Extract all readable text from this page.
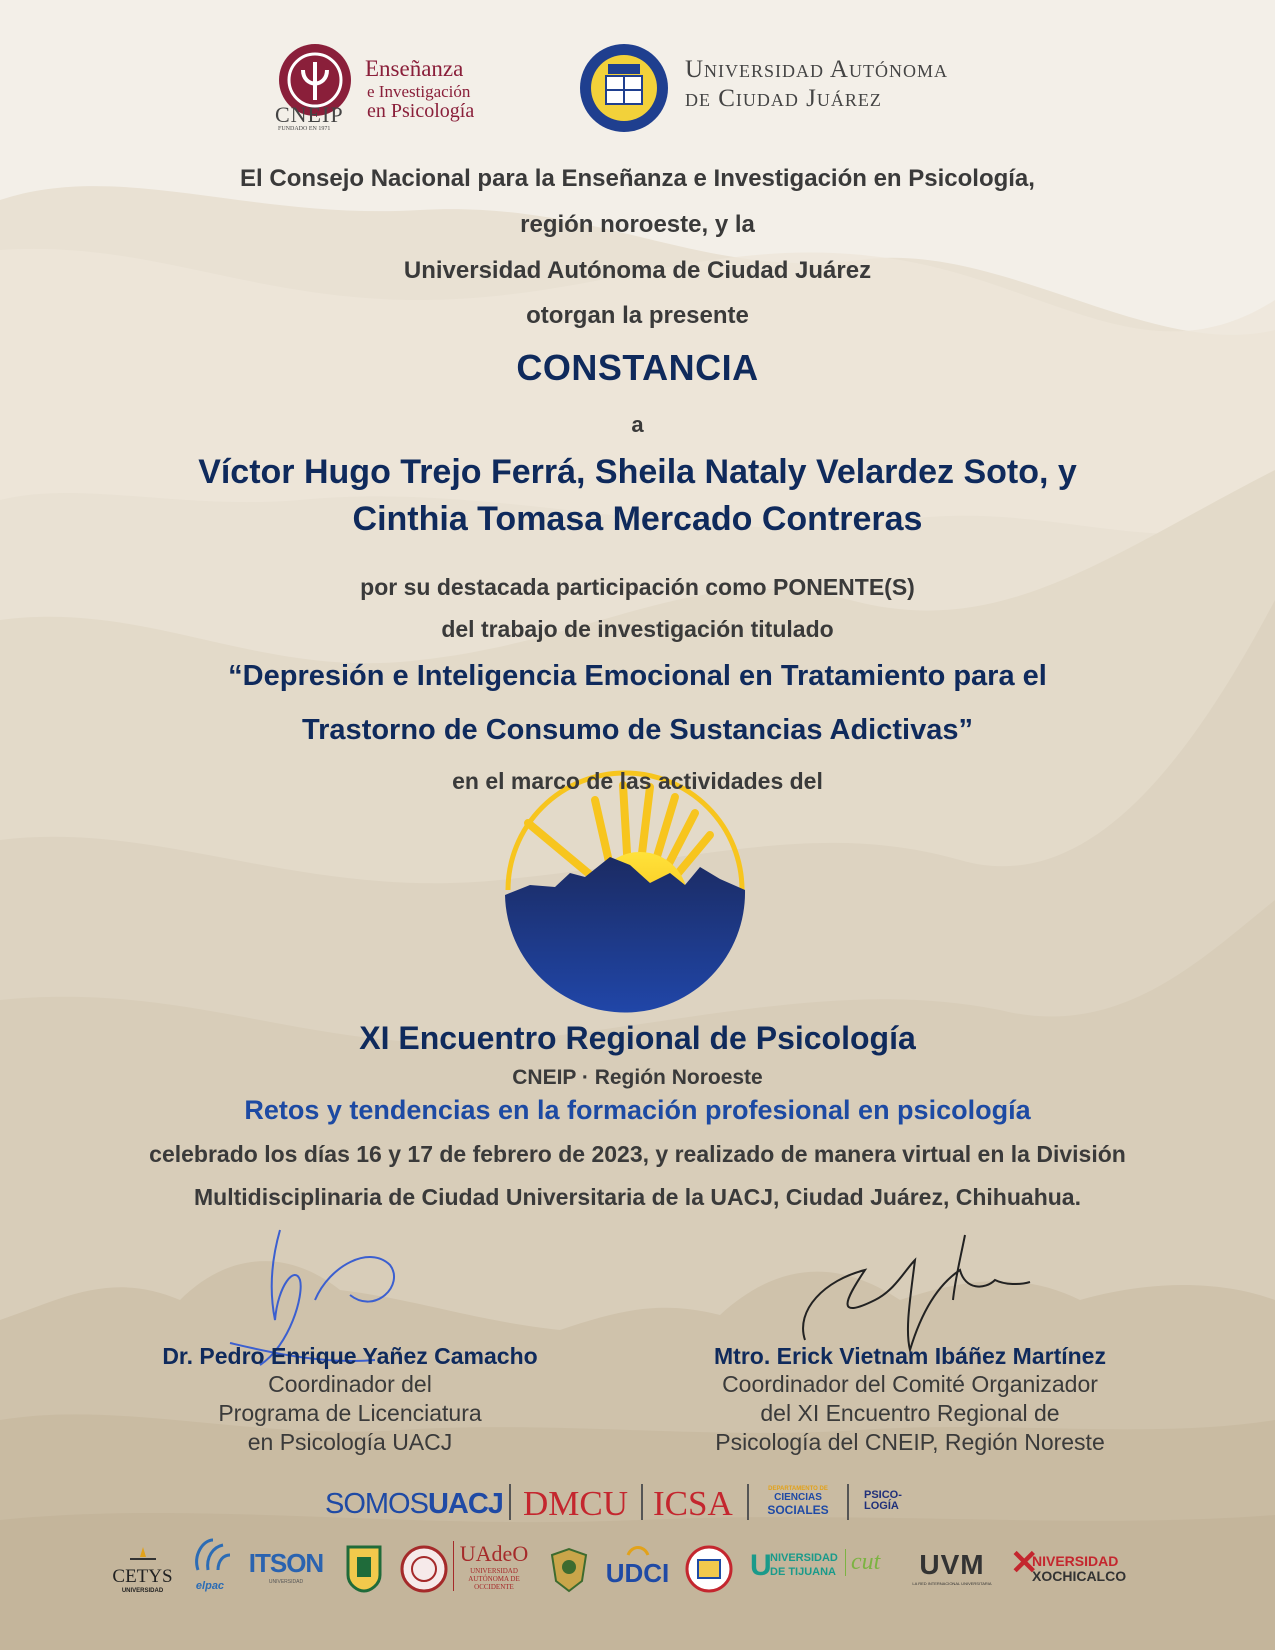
CNEIP
FUNDADO EN 1971
Enseñanza
e Investigación
en Psicología
Universidad Autónoma
de Ciudad Juárez
El Consejo Nacional para la Enseñanza e Investigación en Psicología,
región noroeste, y la
Universidad Autónoma de Ciudad Juárez
otorgan la presente
CONSTANCIA
a
Víctor Hugo Trejo Ferrá, Sheila Nataly Velardez Soto, y
Cinthia Tomasa Mercado Contreras
por su destacada participación como PONENTE(S)
del trabajo de investigación titulado
“Depresión e Inteligencia Emocional en Tratamiento para el
Trastorno de Consumo de Sustancias Adictivas”
en el marco de las actividades del
XI Encuentro Regional de Psicología
CNEIP · Región Noroeste
Retos y tendencias en la formación profesional en psicología
celebrado los días 16 y 17 de febrero de 2023, y realizado de manera virtual en la División
Multidisciplinaria de Ciudad Universitaria de la UACJ, Ciudad Juárez, Chihuahua.
Dr. Pedro Enrique Yañez Camacho
Coordinador del
Programa de Licenciatura
en Psicología UACJ
Mtro. Erick Vietnam Ibáñez Martínez
Coordinador del Comité Organizador
del XI Encuentro Regional de
Psicología del CNEIP, Región Noreste
SOMOSUACJ DMCU ICSA	DEPARTAMENTO DE
CIENCIAS
SOCIALES
PSICO-LOGÍA
CETYS
UNIVERSIDAD	elpac
ITSON
UNIVERSIDAD
UAdeO
UNIVERSIDAD
AUTÓNOMA DE
OCCIDENTE	UDCI	U
NIVERSIDAD
DE TIJUANA cut UVM
LA RED INTERNACIONAL UNIVERSITARIA
✕
NIVERSIDAD
XOCHICALCO
